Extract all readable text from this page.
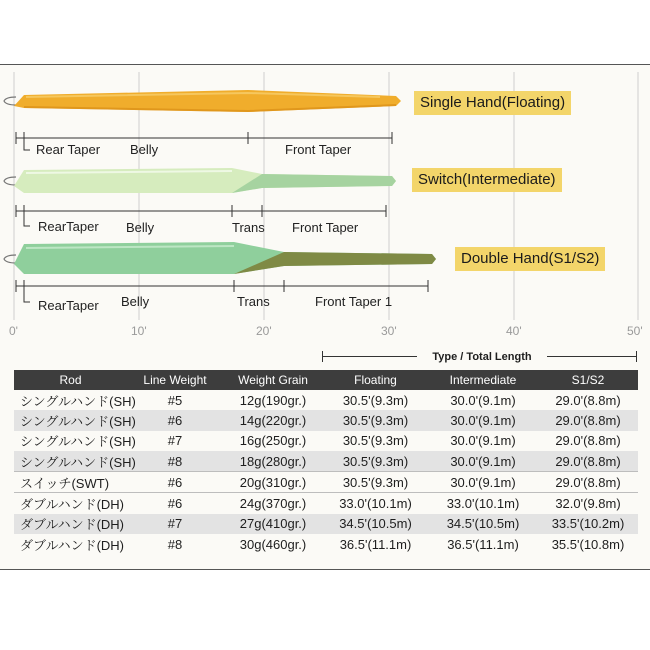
Single Hand(Floating)
Switch(Intermediate)
Double Hand(S1/S2)
Rear Taper Belly	Front Taper
RearTaper Belly	Trans Front Taper
RearTaper Belly	Trans	Front Taper 1
0'	10'	20'	30'	40'	50'
Type / Total Length
Rod	Line Weight	Weight Grain	Floating	Intermediate	S1/S2
シングルハンド(SH)	#5	12g(190gr.)	30.5'(9.3m)	30.0'(9.1m)	29.0'(8.8m)
シングルハンド(SH)	#6	14g(220gr.)	30.5'(9.3m)	30.0'(9.1m)	29.0'(8.8m)
シングルハンド(SH)	#7	16g(250gr.)	30.5'(9.3m)	30.0'(9.1m)	29.0'(8.8m)
シングルハンド(SH)	#8	18g(280gr.)	30.5'(9.3m)	30.0'(9.1m)	29.0'(8.8m)
スイッチ(SWT)	#6	20g(310gr.)	30.5'(9.3m)	30.0'(9.1m)	29.0'(8.8m)
ダブルハンド(DH)	#6	24g(370gr.)	33.0'(10.1m)	33.0'(10.1m)	32.0'(9.8m)
ダブルハンド(DH)	#7	27g(410gr.)	34.5'(10.5m)	34.5'(10.5m)	33.5'(10.2m)
ダブルハンド(DH)	#8	30g(460gr.)	36.5'(11.1m)	36.5'(11.1m)	35.5'(10.8m)
